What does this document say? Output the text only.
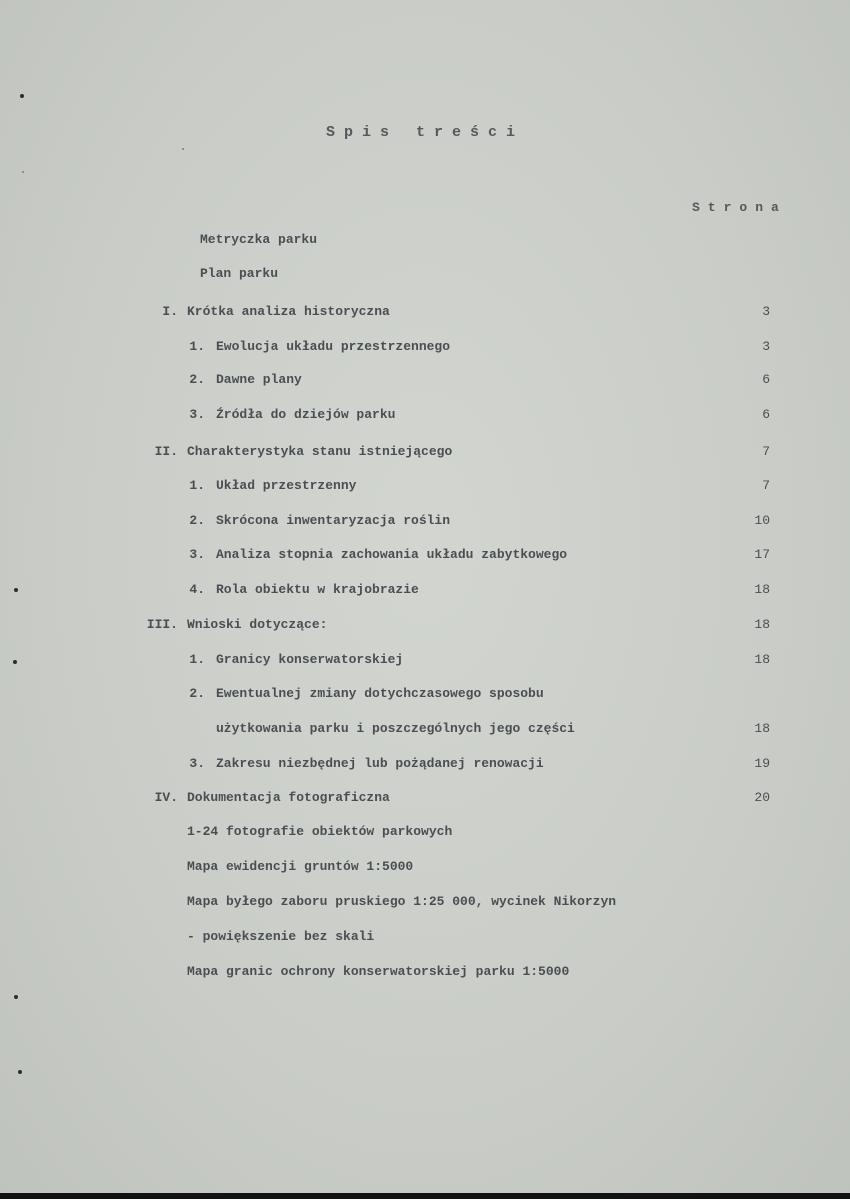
Spis treści
Strona
Metryczka parku
Plan parku
I. Krótka analiza historyczna	3
1. Ewolucja układu przestrzennego	3
2. Dawne plany	6
3. Źródła do dziejów parku	6
II. Charakterystyka stanu istniejącego	7
1. Układ przestrzenny	7
2. Skrócona inwentaryzacja roślin	10
3. Analiza stopnia zachowania układu zabytkowego	17
4. Rola obiektu w krajobrazie	18
III. Wnioski dotyczące:	18
1. Granicy konserwatorskiej	18
2. Ewentualnej zmiany dotychczasowego sposobu
użytkowania parku i poszczególnych jego części	18
3. Zakresu niezbędnej lub pożądanej renowacji	19
IV. Dokumentacja fotograficzna	20
1-24 fotografie obiektów parkowych
Mapa ewidencji gruntów 1:5000
Mapa byłego zaboru pruskiego 1:25 000, wycinek Nikorzyn
- powiększenie bez skali
Mapa granic ochrony konserwatorskiej parku 1:5000
